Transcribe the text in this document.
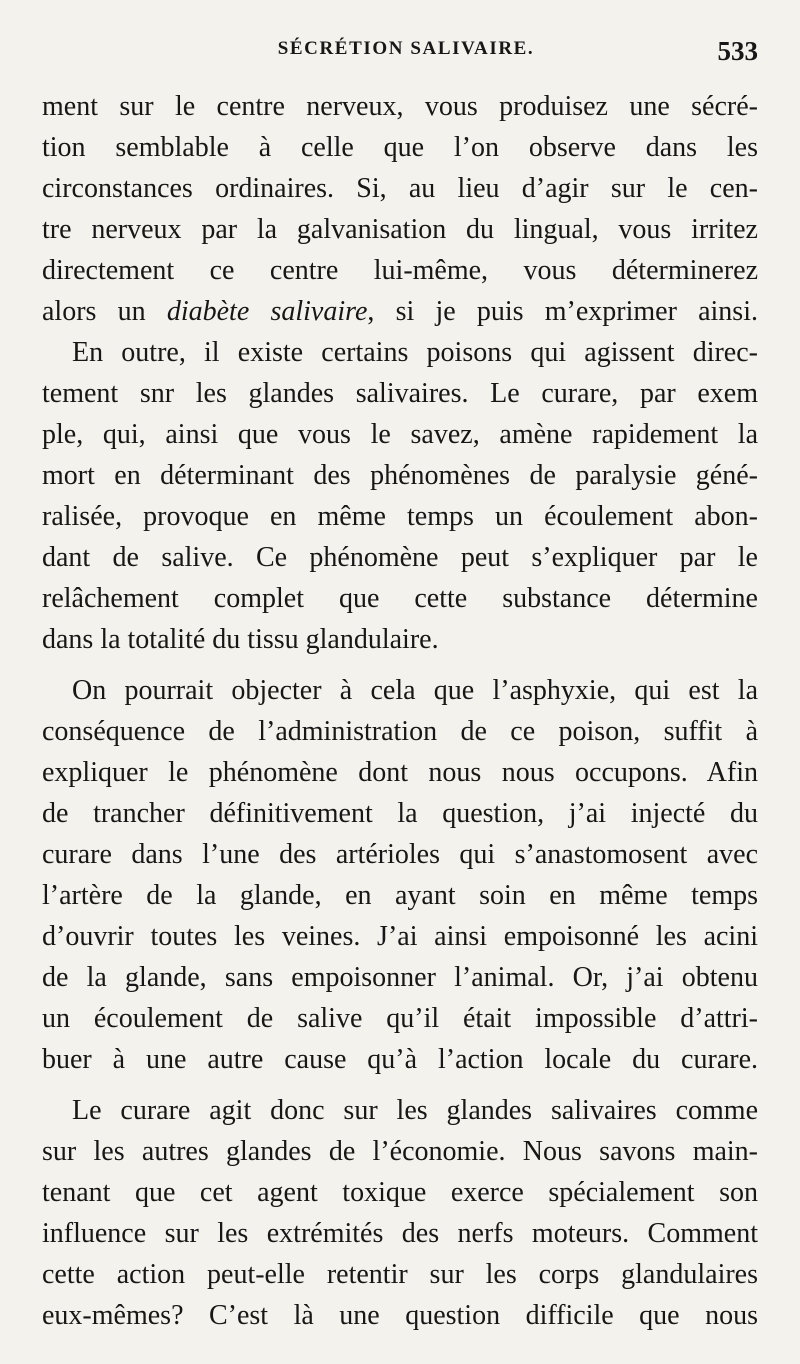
SÉCRÉTION SALIVAIRE.	533
ment sur le centre nerveux, vous produisez une sécré-
tion semblable à celle que l’on observe dans les
circonstances ordinaires. Si, au lieu d’agir sur le cen-
tre nerveux par la galvanisation du lingual, vous irritez
directement ce centre lui-même, vous déterminerez
alors un diabète salivaire, si je puis m’exprimer ainsi.
En outre, il existe certains poisons qui agissent direc-
tement snr les glandes salivaires. Le curare, par exem
ple, qui, ainsi que vous le savez, amène rapidement la
mort en déterminant des phénomènes de paralysie géné-
ralisée, provoque en même temps un écoulement abon-
dant de salive. Ce phénomène peut s’expliquer par le
relâchement complet que cette substance détermine
dans la totalité du tissu glandulaire.
On pourrait objecter à cela que l’asphyxie, qui est la
conséquence de l’administration de ce poison, suffit à
expliquer le phénomène dont nous nous occupons. Afin
de trancher définitivement la question, j’ai injecté du
curare dans l’une des artérioles qui s’anastomosent avec
l’artère de la glande, en ayant soin en même temps
d’ouvrir toutes les veines. J’ai ainsi empoisonné les acini
de la glande, sans empoisonner l’animal. Or, j’ai obtenu
un écoulement de salive qu’il était impossible d’attri-
buer à une autre cause qu’à l’action locale du curare.
Le curare agit donc sur les glandes salivaires comme
sur les autres glandes de l’économie. Nous savons main-
tenant que cet agent toxique exerce spécialement son
influence sur les extrémités des nerfs moteurs. Comment
cette action peut-elle retentir sur les corps glandulaires
eux-mêmes? C’est là une question difficile que nous
